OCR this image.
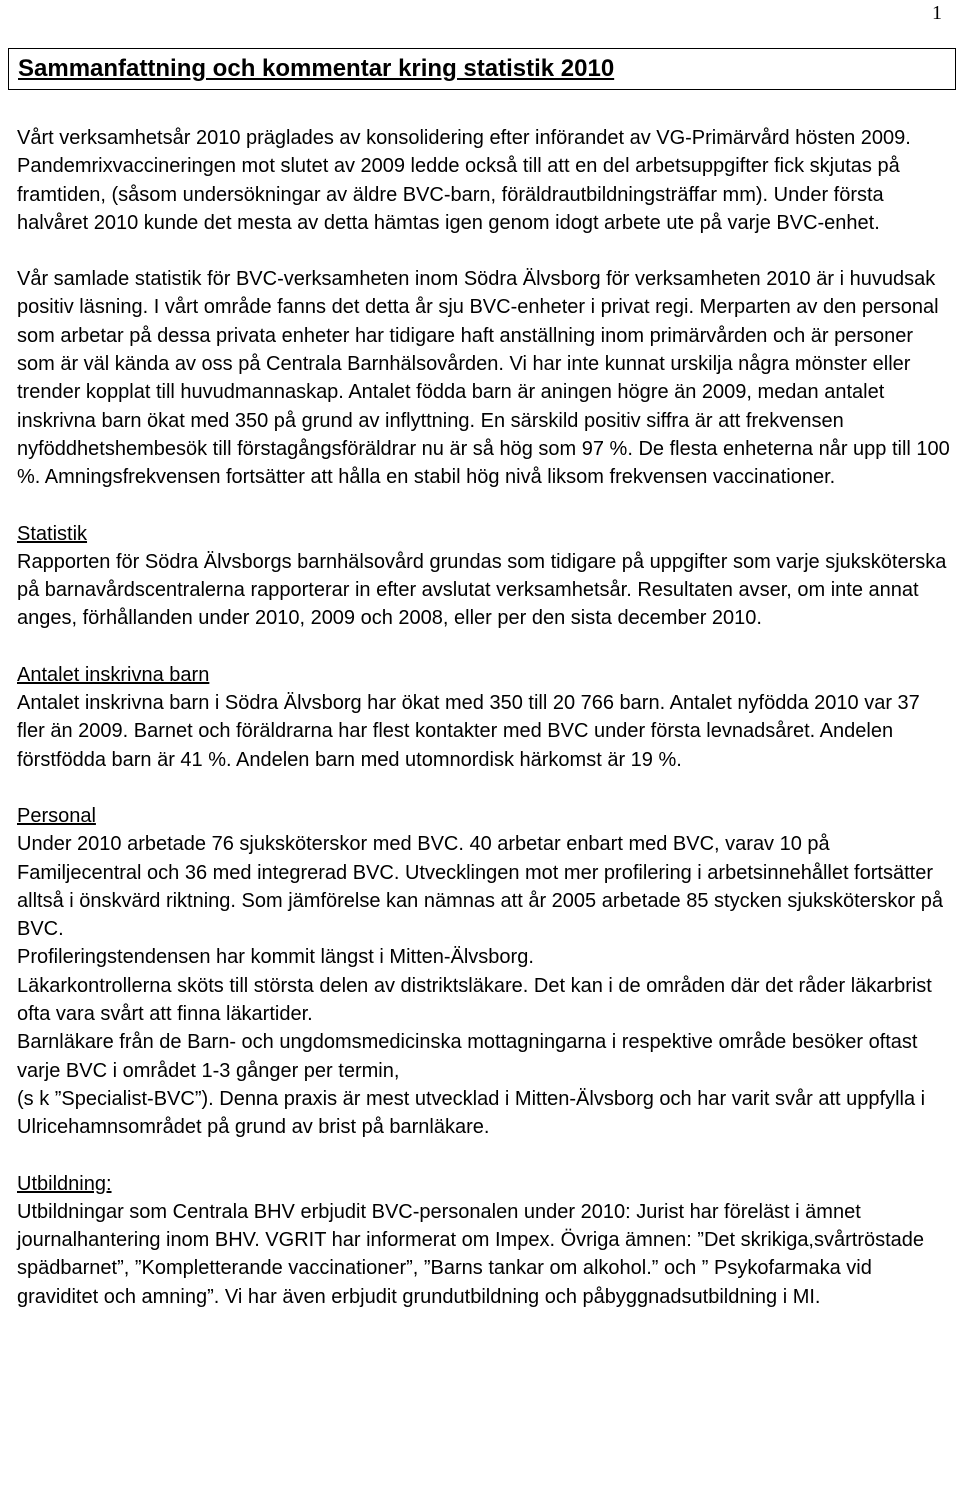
1
Sammanfattning och kommentar kring statistik 2010

Vårt verksamhetsår 2010 präglades av konsolidering efter införandet av VG-Primärvård hösten 2009. Pandemrixvaccineringen mot slutet av 2009 ledde också till att en del arbetsuppgifter fick skjutas på framtiden, (såsom undersökningar av äldre BVC-barn, föräldrautbildningsträffar mm). Under första halvåret 2010 kunde det mesta av detta hämtas igen genom idogt arbete ute på varje BVC-enhet.

Vår samlade statistik för BVC-verksamheten inom Södra Älvsborg för verksamheten 2010 är i huvudsak positiv läsning. I vårt område fanns det detta år sju BVC-enheter i privat regi. Merparten av den personal som arbetar på dessa privata enheter har tidigare haft anställning inom primärvården och är personer som är väl kända av oss på Centrala Barnhälsovården. Vi har inte kunnat urskilja några mönster eller trender kopplat till huvudmannaskap. Antalet födda barn är aningen högre än 2009, medan antalet inskrivna barn ökat med 350 på grund av inflyttning. En särskild positiv siffra är att frekvensen nyföddhetshembesök till förstagångsföräldrar nu är så hög som 97 %. De flesta enheterna når upp till 100 %. Amningsfrekvensen fortsätter att hålla en stabil hög nivå liksom frekvensen vaccinationer.

Statistik

Rapporten för Södra Älvsborgs barnhälsovård grundas som tidigare på uppgifter som varje sjuksköterska på barnavårdscentralerna rapporterar in efter avslutat verksamhetsår. Resultaten avser, om inte annat anges, förhållanden under 2010, 2009 och 2008, eller per den sista december 2010.

Antalet inskrivna barn

Antalet inskrivna barn i Södra Älvsborg har ökat med 350 till 20 766 barn. Antalet nyfödda 2010 var 37 fler än 2009. Barnet och föräldrarna har flest kontakter med BVC under första levnadsåret. Andelen förstfödda barn är 41 %. Andelen barn med utomnordisk härkomst är 19 %.

Personal

Under 2010 arbetade 76 sjuksköterskor med BVC. 40 arbetar enbart med BVC, varav 10 på Familjecentral och 36 med integrerad BVC. Utvecklingen mot mer profilering i arbetsinnehållet fortsätter alltså i önskvärd riktning. Som jämförelse kan nämnas att år 2005 arbetade 85 stycken sjuksköterskor på BVC.

Profileringstendensen har kommit längst i Mitten-Älvsborg.

Läkarkontrollerna sköts till största delen av distriktsläkare. Det kan i de områden där det råder läkarbrist ofta vara svårt att finna läkartider.

Barnläkare från de Barn- och ungdomsmedicinska mottagningarna i respektive område besöker oftast varje BVC i området 1-3 gånger per termin,

(s k ”Specialist-BVC”). Denna praxis är mest utvecklad i Mitten-Älvsborg och har varit svår att uppfylla i Ulricehamnsområdet på grund av brist på barnläkare.

Utbildning:

Utbildningar som Centrala BHV erbjudit BVC-personalen under 2010: Jurist har föreläst i ämnet journalhantering inom BHV. VGRIT har informerat om Impex. Övriga ämnen: ”Det skrikiga,svårtröstade spädbarnet”, ”Kompletterande vaccinationer”, ”Barns tankar om alkohol.” och ” Psykofarmaka vid graviditet och amning”. Vi har även erbjudit grundutbildning och påbyggnadsutbildning i MI.
